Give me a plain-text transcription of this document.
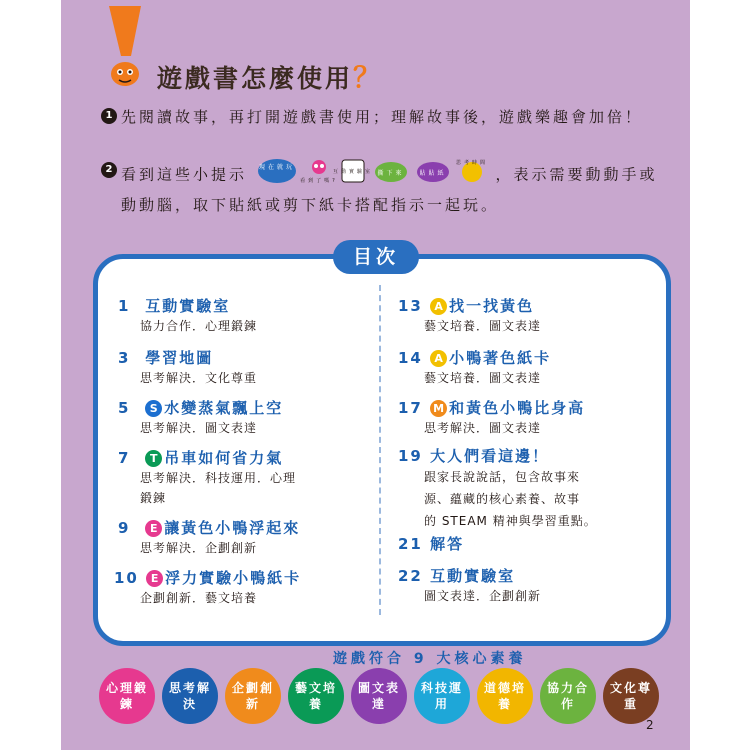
遊戲書怎麼使用？
1 先閱讀故事，再打開遊戲書使用；理解故事後，遊戲樂趣會加倍！
2 看到這些小提示 現在就玩

看到了嗎?

互動實驗室
撕下來
貼貼紙

思考時間
，表示需要動動手或動動腦，取下貼紙或剪下紙卡搭配指示一起玩。
1 互動實驗室
協力合作．心理鍛鍊
3 學習地圖
思考解決．文化尊重
5 S 水變蒸氣飄上空
思考解決．圖文表達
7 T 吊車如何省力氣
思考解決．科技運用．心理
鍛鍊
9 E 讓黃色小鴨浮起來
思考解決．企劃創新
10 E 浮力實驗小鴨紙卡
企劃創新．藝文培養
13 A 找一找黃色
藝文培養．圖文表達
14 A 小鴨著色紙卡
藝文培養．圖文表達
17 M 和黃色小鴨比身高
思考解決．圖文表達
19 大人們看這邊！
跟家長說說話，包含故事來
源、蘊藏的核心素養、故事
的 STEAM 精神與學習重點。
21 解答
22 互動實驗室
圖文表達．企劃創新
目次
遊戲符合 9 大核心素養
心理鍛鍊
思考解決
企劃創新
藝文培養
圖文表達
科技運用
道德培養
協力合作
文化尊重
2
